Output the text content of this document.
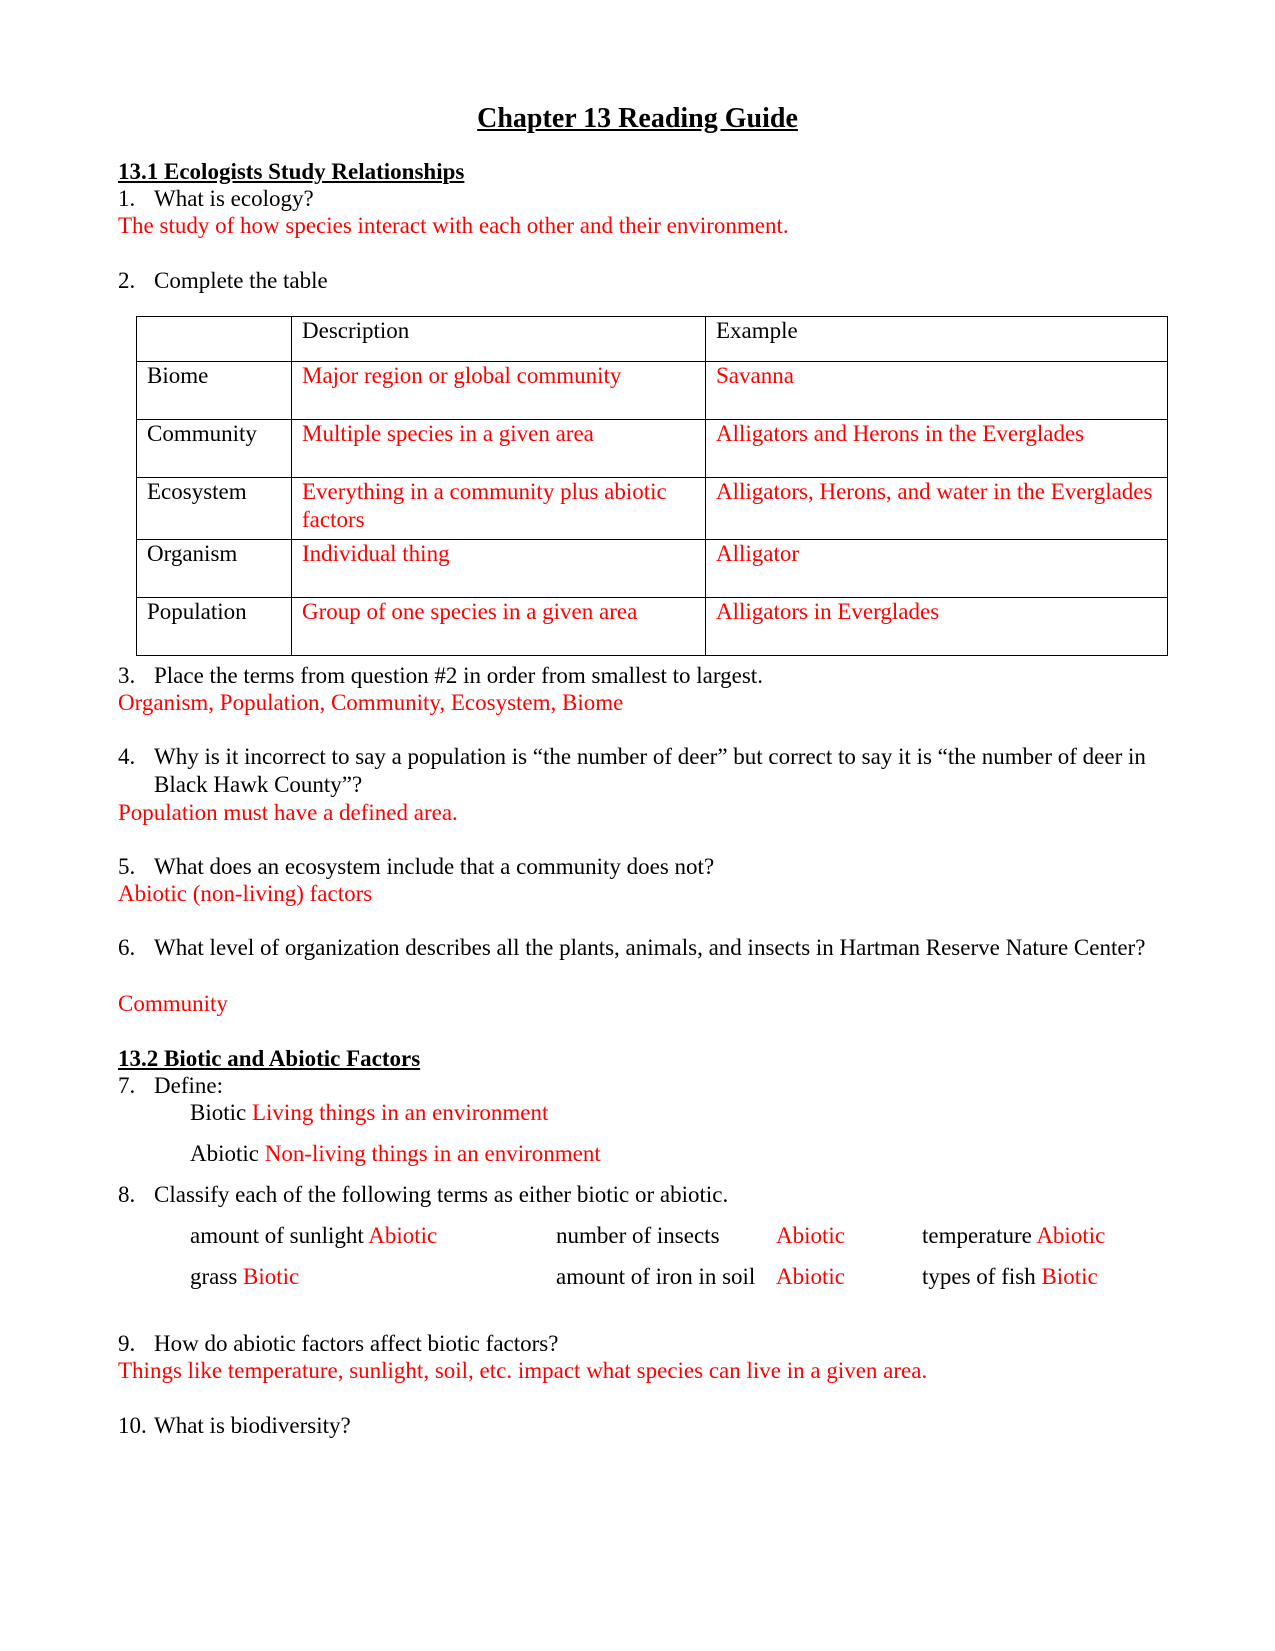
Chapter 13 Reading Guide
13.1 Ecologists Study Relationships
1. What is ecology?
The study of how species interact with each other and their environment.
2. Complete the table
	Description	Example
Biome	Major region or global community	Savanna
Community	Multiple species in a given area	Alligators and Herons in the Everglades
Ecosystem	Everything in a community plus abiotic factors	Alligators, Herons, and water in the Everglades
Organism	Individual thing	Alligator
Population	Group of one species in a given area	Alligators in Everglades
3. Place the terms from question #2 in order from smallest to largest.
Organism, Population, Community, Ecosystem, Biome
4. Why is it incorrect to say a population is “the number of deer” but correct to say it is “the number of deer in Black Hawk County”?
Population must have a defined area.
5. What does an ecosystem include that a community does not?
Abiotic (non-living) factors
6. What level of organization describes all the plants, animals, and insects in Hartman Reserve Nature Center?
Community
13.2 Biotic and Abiotic Factors
7. Define:
Biotic Living things in an environment
Abiotic Non-living things in an environment
8. Classify each of the following terms as either biotic or abiotic.
amount of sunlight Abiotic	number of insects Abiotic	temperature Abiotic
grass Biotic	amount of iron in soil Abiotic	types of fish Biotic
9. How do abiotic factors affect biotic factors?
Things like temperature, sunlight, soil, etc. impact what species can live in a given area.
10. What is biodiversity?
